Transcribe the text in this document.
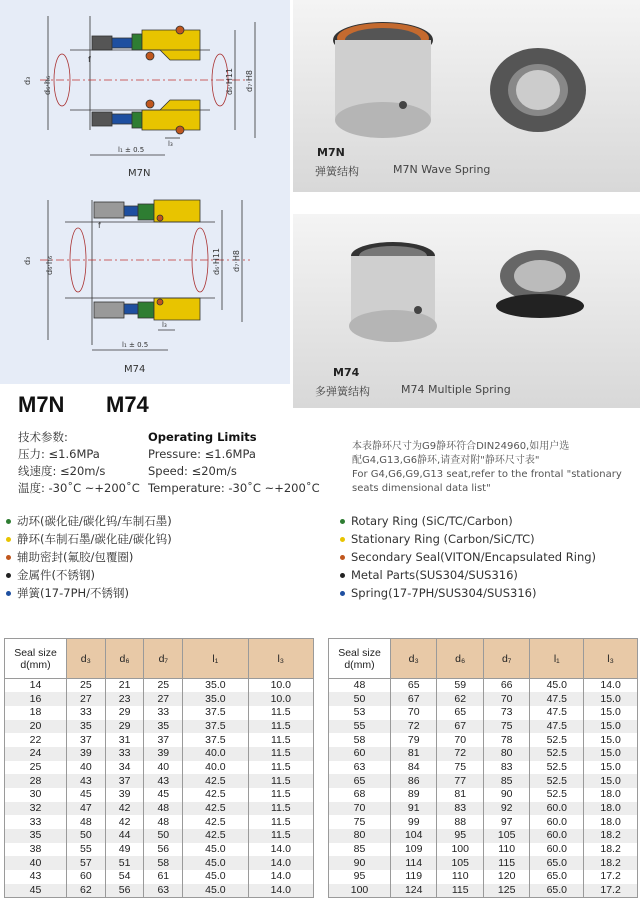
d₃ d₆·h₆	d₆·H11 d₇·H8
f
l₁ ± 0.5
l₃
M7N
d₃ d₆·h₆	d₆·H11 d₇·H8
f
l₁ ± 0.5
l₃
M74
M7N
弹簧结构	M7N Wave Spring
M74
多弹簧结构	M74 Multiple Spring
M7N M74
技术参数:	Operating Limits
压力: ≤1.6MPa	Pressure: ≤1.6MPa
线速度: ≤20m/s	Speed: ≤20m/s
温度: -30˚C ~+200˚C Temperature: -30˚C ~+200˚C
本表静环尺寸为G9静环符合DIN24960,如用户选
配G4,G13,G6静环,请查对附"静环尺寸表"
For G4,G6,G9,G13 seat,refer to the frontal "stationary
seats dimensional data list"
动环(碳化硅/碳化钨/车制石墨)
静环(车制石墨/碳化硅/碳化钨)
辅助密封(氟胶/包覆圈)
金属件(不锈钢)
弹簧(17-7PH/不锈钢)
Rotary Ring (SiC/TC/Carbon)
Stationary Ring (Carbon/SiC/TC)
Secondary Seal(VITON/Encapsulated Ring)
Metal Parts(SUS304/SUS316)
Spring(17-7PH/SUS304/SUS316)
Seal size d(mm)	d₃	d₆	d₇	l₁	l₃
14	25	21	25	35.0	10.0
16	27	23	27	35.0	10.0
18	33	29	33	37.5	11.5
20	35	29	35	37.5	11.5
22	37	31	37	37.5	11.5
24	39	33	39	40.0	11.5
25	40	34	40	40.0	11.5
28	43	37	43	42.5	11.5
30	45	39	45	42.5	11.5
32	47	42	48	42.5	11.5
33	48	42	48	42.5	11.5
35	50	44	50	42.5	11.5
38	55	49	56	45.0	14.0
40	57	51	58	45.0	14.0
43	60	54	61	45.0	14.0
45	62	56	63	45.0	14.0
Seal size d(mm)	d₃	d₆	d₇	l₁	l₃
48	65	59	66	45.0	14.0
50	67	62	70	47.5	15.0
53	70	65	73	47.5	15.0
55	72	67	75	47.5	15.0
58	79	70	78	52.5	15.0
60	81	72	80	52.5	15.0
63	84	75	83	52.5	15.0
65	86	77	85	52.5	15.0
68	89	81	90	52.5	18.0
70	91	83	92	60.0	18.0
75	99	88	97	60.0	18.0
80	104	95	105	60.0	18.2
85	109	100	110	60.0	18.2
90	114	105	115	65.0	18.2
95	119	110	120	65.0	17.2
100	124	115	125	65.0	17.2
